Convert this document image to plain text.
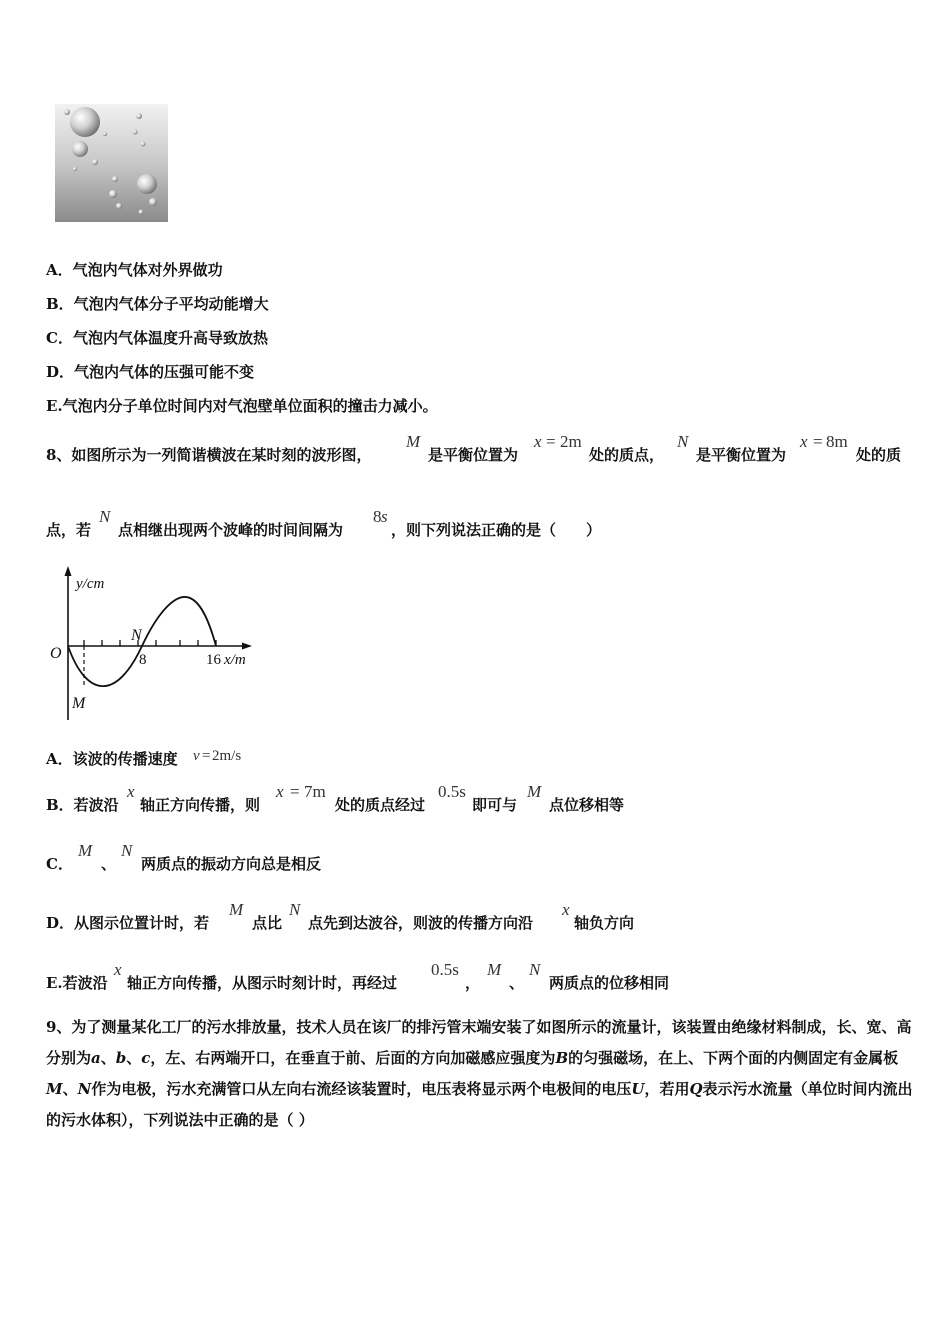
A．气泡内气体对外界做功
B．气泡内气体分子平均动能增大
C．气泡内气体温度升高导致放热
D．气泡内气体的压强可能不变
E.气泡内分子单位时间内对气泡壁单位面积的撞击力减小。
8、如图所示为一列简谐横波在某时刻的波形图，
M
是平衡位置为
x = 2m
处的质点，
N
是平衡位置为
x = 8m
处的质
点，若
N
点相继出现两个波峰的时间间隔为
8 s
，则下列说法正确的是（　　）
y/cm
O
N
8	16 x/m
M
A．该波的传播速度 v = 2m/s
B．若波沿
x
轴正方向传播，则
x = 7m
处的质点经过
0.5s
即可与
M
点位移相等
C．
M
、
N
两质点的振动方向总是相反
D．从图示位置计时，若
M
点比
N
点先到达波谷，则波的传播方向沿
x
轴负方向
E.若波沿
x
轴正方向传播，从图示时刻计时，再经过
0.5s
，
M
、
N
两质点的位移相同
9、为了测量某化工厂的污水排放量，技术人员在该厂的排污管末端安装了如图所示的流量计，该装置由绝缘材料制成，长、宽、高分别为a、b、c，左、右两端开口，在垂直于前、后面的方向加磁感应强度为B的匀强磁场，在上、下两个面的内侧固定有金属板M、N作为电极，污水充满管口从左向右流经该装置时，电压表将显示两个电极间的电压U，若用Q表示污水流量（单位时间内流出的污水体积），下列说法中正确的是（ ）
